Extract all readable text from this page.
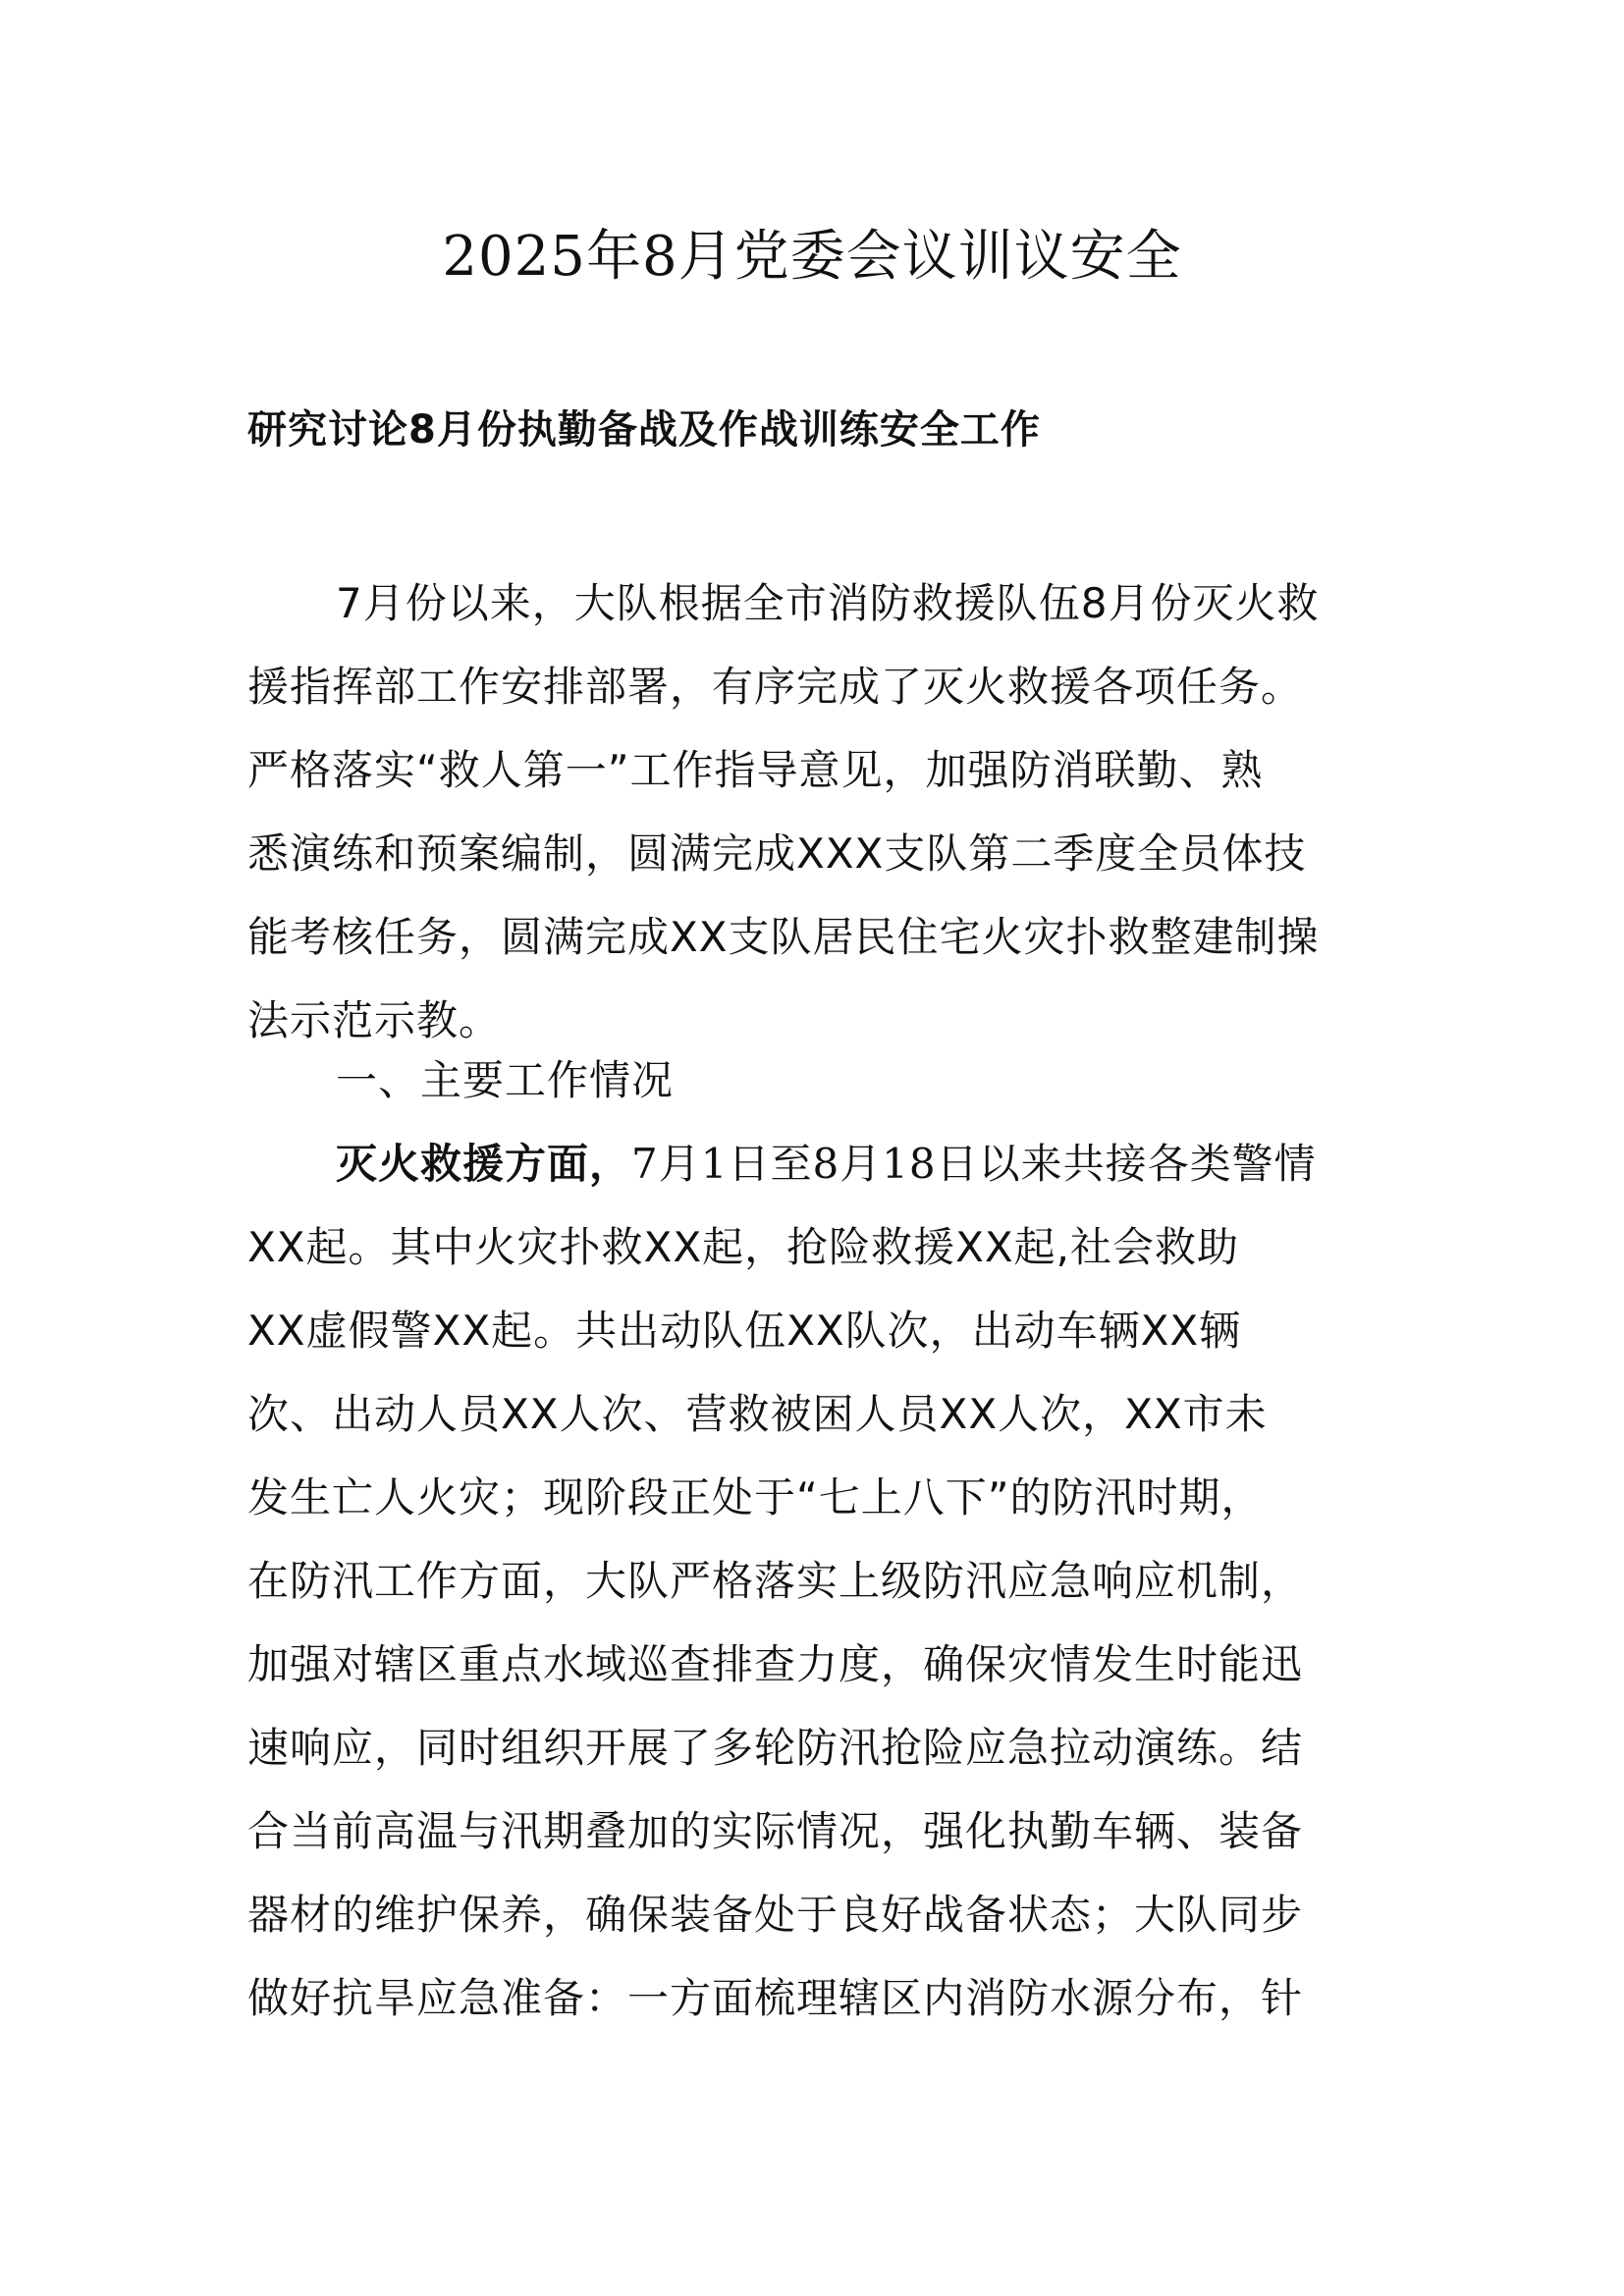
2025年8月党委会议训议安全
研究讨论8月份执勤备战及作战训练安全工作
7月份以来，大队根据全市消防救援队伍8月份灭火救
援指挥部工作安排部署，有序完成了灭火救援各项任务。
严格落实“救人第一”工作指导意见，加强防消联勤、熟
悉演练和预案编制，圆满完成XXX支队第二季度全员体技
能考核任务，圆满完成XX支队居民住宅火灾扑救整建制操
法示范示教。
一、主要工作情况
灭火救援方面，7月1日至8月18日以来共接各类警情
XX起。其中火灾扑救XX起，抢险救援XX起,社会救助
XX虚假警XX起。共出动队伍XX队次，出动车辆XX辆
次、出动人员XX人次、营救被困人员XX人次，XX市未
发生亡人火灾；现阶段正处于“七上八下”的防汛时期，
在防汛工作方面，大队严格落实上级防汛应急响应机制，
加强对辖区重点水域巡查排查力度，确保灾情发生时能迅
速响应，同时组织开展了多轮防汛抢险应急拉动演练。结
合当前高温与汛期叠加的实际情况，强化执勤车辆、装备
器材的维护保养，确保装备处于良好战备状态；大队同步
做好抗旱应急准备：一方面梳理辖区内消防水源分布，针
